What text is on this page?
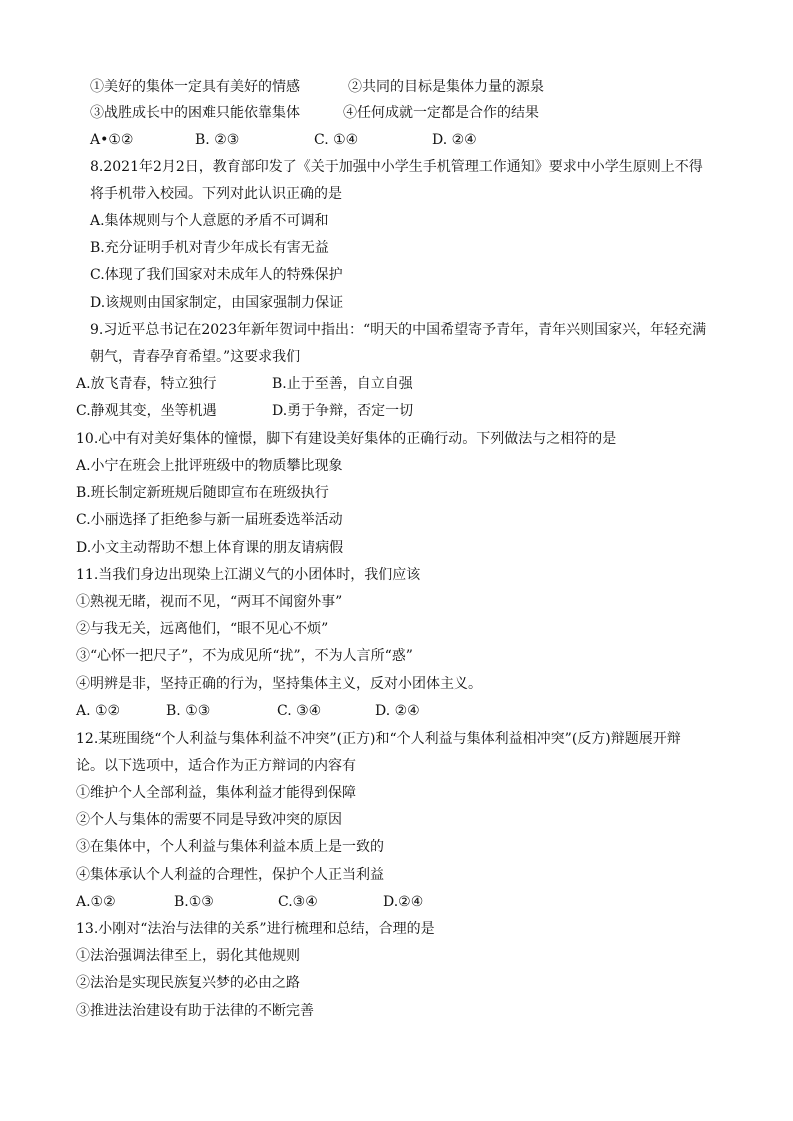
①美好的集体一定具有美好的情感	②共同的目标是集体力量的源泉
③战胜成长中的困难只能依靠集体	④任何成就一定都是合作的结果
A•①②	B. ②③	C. ①④	D. ②④
8.2021年2月2日，教育部印发了《关于加强中小学生手机管理工作通知》要求中小学生原则上不得
将手机带入校园。下列对此认识正确的是
A.集体规则与个人意愿的矛盾不可调和
B.充分证明手机对青少年成长有害无益
C.体现了我们国家对未成年人的特殊保护
D.该规则由国家制定，由国家强制力保证
9.习近平总书记在2023年新年贺词中指出：“明天的中国希望寄予青年，青年兴则国家兴，年轻充满
朝气，青春孕育希望。”这要求我们
A.放飞青春，特立独行	B.止于至善，自立自强
C.静观其变，坐等机遇	D.勇于争辩，否定一切
10.心中有对美好集体的憧憬，脚下有建设美好集体的正确行动。下列做法与之相符的是
A.小宁在班会上批评班级中的物质攀比现象
B.班长制定新班规后随即宣布在班级执行
C.小丽选择了拒绝参与新一届班委选举活动
D.小文主动帮助不想上体育课的朋友请病假
11.当我们身边出现染上江湖义气的小团体时，我们应该
①熟视无睹，视而不见，“两耳不闻窗外事”
②与我无关，远离他们，“眼不见心不烦”
③“心怀一把尺子”，不为成见所“扰”，不为人言所“惑”
④明辨是非，坚持正确的行为，坚持集体主义，反对小团体主义。
A. ①②	B. ①③	C. ③④	D. ②④
12.某班围绕“个人利益与集体利益不冲突”(正方)和“个人利益与集体利益相冲突”(反方)辩题展开辩
论。以下选项中，适合作为正方辩词的内容有
①维护个人全部利益，集体利益才能得到保障
②个人与集体的需要不同是导致冲突的原因
③在集体中，个人利益与集体利益本质上是一致的
④集体承认个人利益的合理性，保护个人正当利益
A.①②	B.①③	C.③④	D.②④
13.小刚对“法治与法律的关系”进行梳理和总结，合理的是
①法治强调法律至上，弱化其他规则
②法治是实现民族复兴梦的必由之路
③推进法治建设有助于法律的不断完善
